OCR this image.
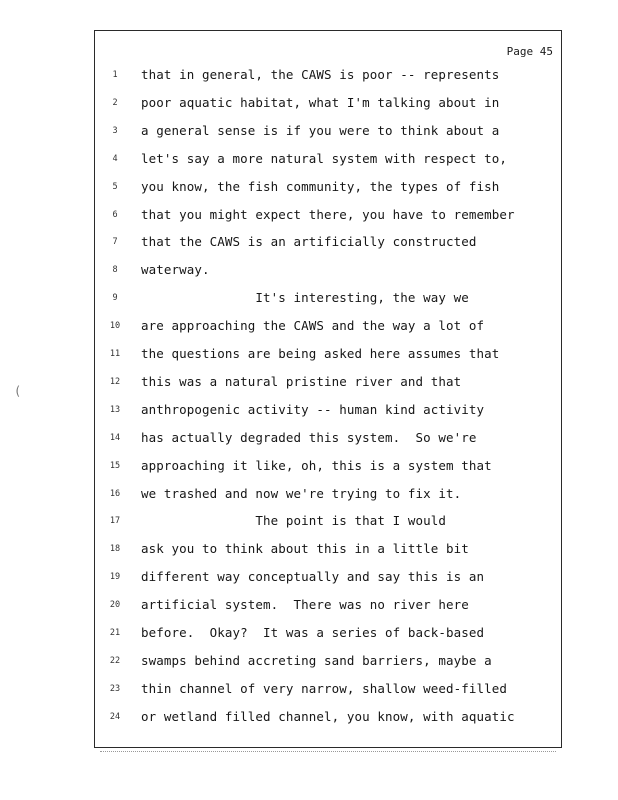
(
Page 45
1	that in general, the CAWS is poor -- represents
2	poor aquatic habitat, what I'm talking about in
3	a general sense is if you were to think about a
4	let's say a more natural system with respect to,
5	you know, the fish community, the types of fish
6	that you might expect there, you have to remember
7	that the CAWS is an artificially constructed
8	waterway.
9	It's interesting, the way we
10	are approaching the CAWS and the way a lot of
11	the questions are being asked here assumes that
12	this was a natural pristine river and that
13	anthropogenic activity -- human kind activity
14	has actually degraded this system.  So we're
15	approaching it like, oh, this is a system that
16	we trashed and now we're trying to fix it.
17	The point is that I would
18	ask you to think about this in a little bit
19	different way conceptually and say this is an
20	artificial system.  There was no river here
21	before.  Okay?  It was a series of back-based
22	swamps behind accreting sand barriers, maybe a
23	thin channel of very narrow, shallow weed-filled
24	or wetland filled channel, you know, with aquatic
